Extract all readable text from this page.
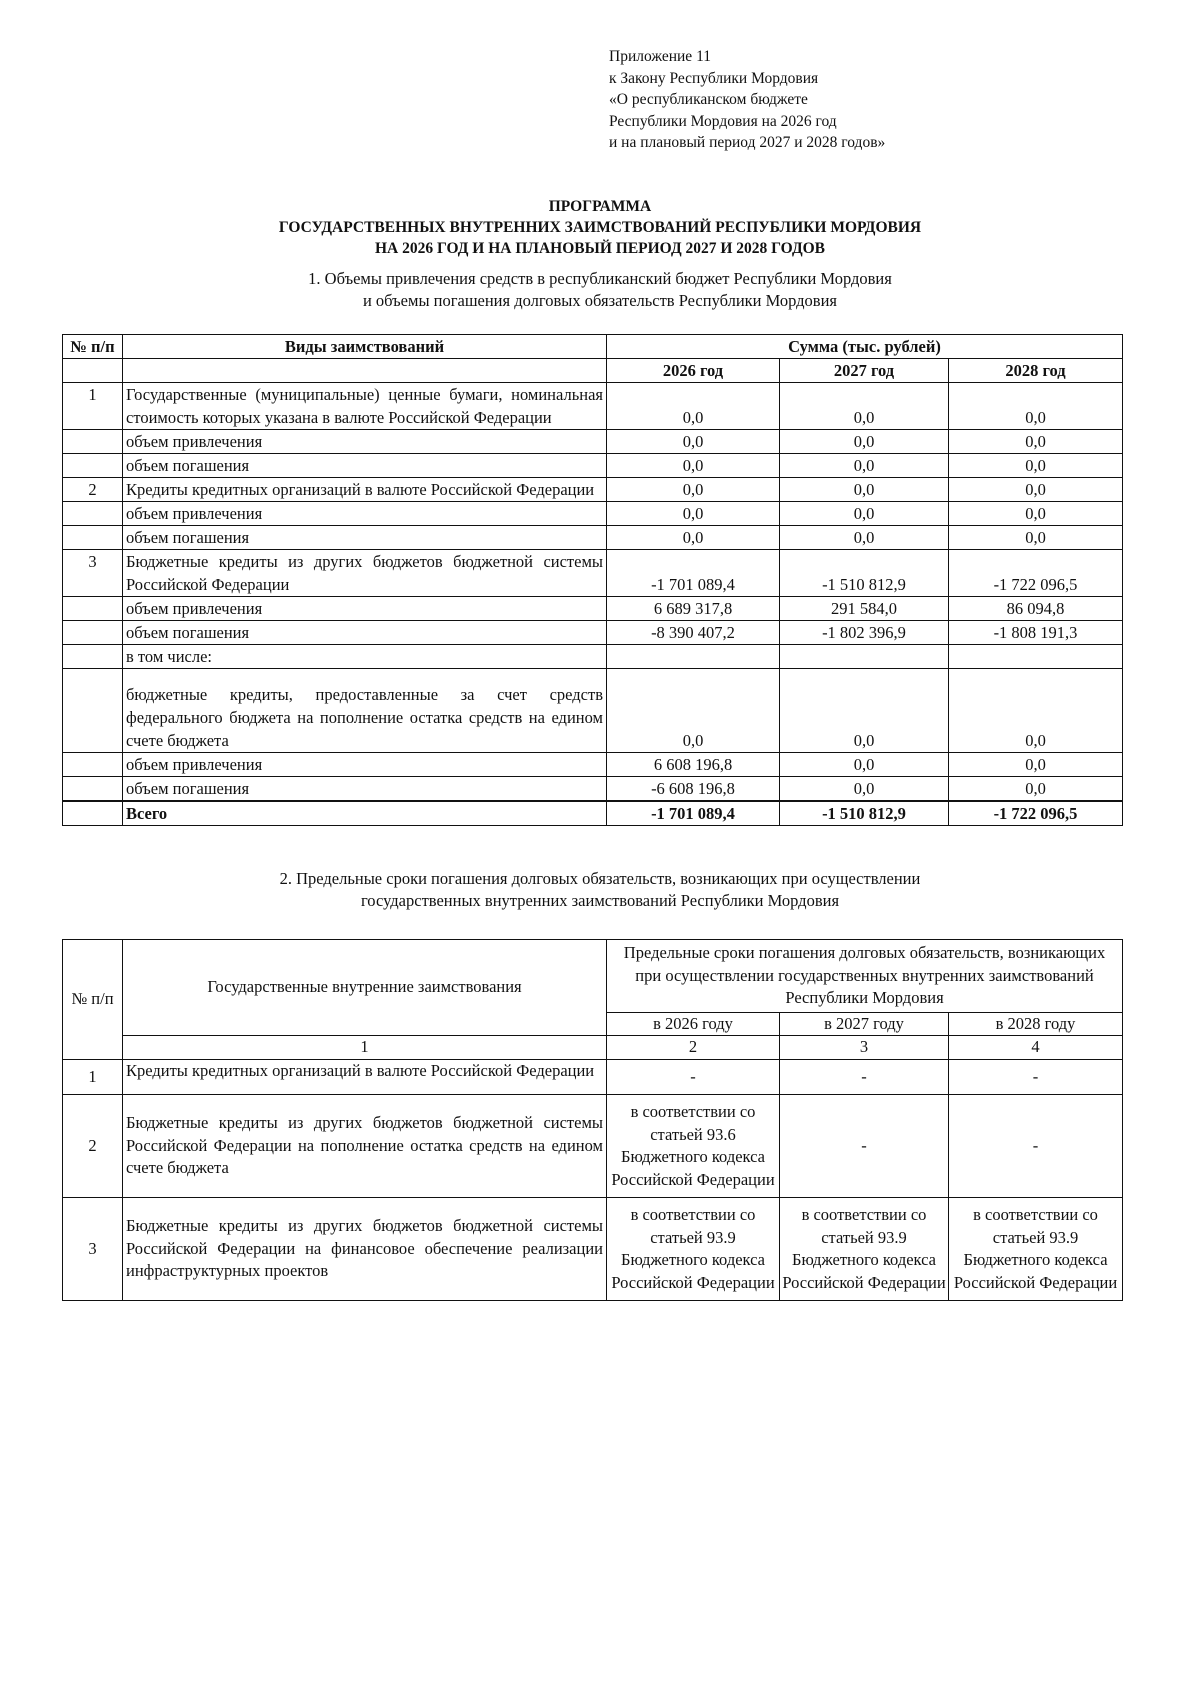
Приложение 11
к Закону Республики Мордовия
«О республиканском бюджете
Республики Мордовия на 2026 год
и на плановый период 2027 и 2028 годов»
ПРОГРАММА
ГОСУДАРСТВЕННЫХ ВНУТРЕННИХ ЗАИМСТВОВАНИЙ РЕСПУБЛИКИ МОРДОВИЯ
НА 2026 ГОД И НА ПЛАНОВЫЙ ПЕРИОД 2027 И 2028 ГОДОВ
1. Объемы привлечения средств в республиканский бюджет Республики Мордовия
и объемы погашения долговых обязательств Республики Мордовия
№ п/п	Виды заимствований	Сумма (тыс. рублей)		
		2026 год	2027 год	2028 год
1	Государственные (муниципальные) ценные бумаги, номинальная стоимость которых указана в валюте Российской Федерации	0,0	0,0	0,0
	объем привлечения	0,0	0,0	0,0
	объем погашения	0,0	0,0	0,0
2	Кредиты кредитных организаций в валюте Российской Федерации	0,0	0,0	0,0
	объем привлечения	0,0	0,0	0,0
	объем погашения	0,0	0,0	0,0
3	Бюджетные кредиты из других бюджетов бюджетной системы Российской Федерации	-1 701 089,4	-1 510 812,9	-1 722 096,5
	объем привлечения	6 689 317,8	291 584,0	86 094,8
	объем погашения	-8 390 407,2	-1 802 396,9	-1 808 191,3
	в том числе:			
	бюджетные кредиты, предоставленные за счет средств федерального бюджета на пополнение остатка средств на едином счете бюджета	0,0	0,0	0,0
	объем привлечения	6 608 196,8	0,0	0,0
	объем погашения	-6 608 196,8	0,0	0,0
	Всего	-1 701 089,4	-1 510 812,9	-1 722 096,5
2. Предельные сроки погашения долговых обязательств, возникающих при осуществлении
государственных внутренних заимствований Республики Мордовия
№ п/п	Государственные внутренние заимствования	Предельные сроки погашения долговых обязательств, возникающих при осуществлении государственных внутренних заимствований Республики Мордовия		
		в 2026 году	в 2027 году	в 2028 году
	1	2	3	4
1	Кредиты кредитных организаций в валюте Российской Федерации	-	-	-
2	Бюджетные кредиты из других бюджетов бюджетной системы Российской Федерации на пополнение остатка средств на едином счете бюджета	в соответствии со статьей 93.6 Бюджетного кодекса Российской Федерации	-	-
3	Бюджетные кредиты из других бюджетов бюджетной системы Российской Федерации на финансовое обеспечение реализации инфраструктурных проектов	в соответствии со статьей 93.9 Бюджетного кодекса Российской Федерации	в соответствии со статьей 93.9 Бюджетного кодекса Российской Федерации	в соответствии со статьей 93.9 Бюджетного кодекса Российской Федерации
